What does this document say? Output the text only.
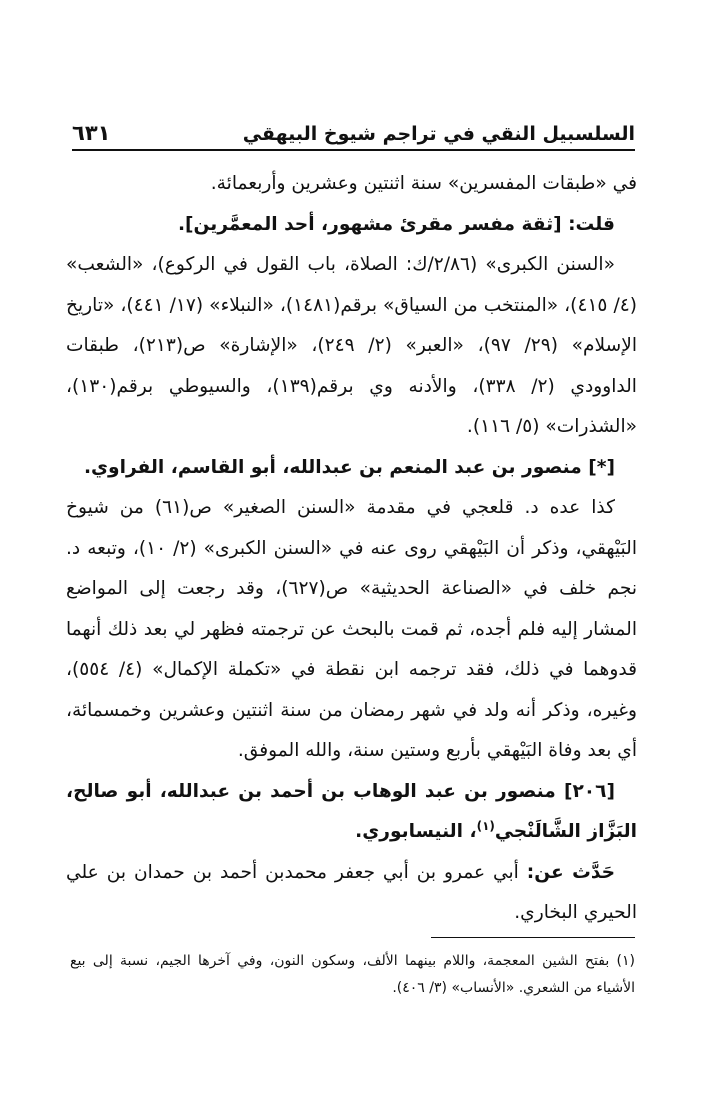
السلسبيل النقي في تراجم شيوخ البيهقي
٦٣١

في «طبقات المفسرين» سنة اثنتين وعشرين وأربعمائة.

قلت: [ثقة مفسر مقرئ مشهور، أحد المعمَّرين].

«السنن الكبرى» (٢/٨٦/ك: الصلاة، باب القول في الركوع)، «الشعب» (٤/ ٤١٥)، «المنتخب من السياق» برقم(١٤٨١)، «النبلاء» (١٧/ ٤٤١)، «تاريخ الإسلام» (٢٩/ ٩٧)، «العبر» (٢/ ٢٤٩)، «الإشارة» ص(٢١٣)، طبقات الداوودي (٢/ ٣٣٨)، والأدنه وي برقم(١٣٩)، والسيوطي برقم(١٣٠)، «الشذرات» (٥/ ١١٦).

[*] منصور بن عبد المنعم بن عبدالله، أبو القاسم، الفراوي.

كذا عده د. قلعجي في مقدمة «السنن الصغير» ص(٦١) من شيوخ البَيْهقي، وذكر أن البَيْهقي روى عنه في «السنن الكبرى» (٢/ ١٠)، وتبعه د. نجم خلف في «الصناعة الحديثية» ص(٦٢٧)، وقد رجعت إلى المواضع المشار إليه فلم أجده، ثم قمت بالبحث عن ترجمته فظهر لي بعد ذلك أنهما قدوهما في ذلك، فقد ترجمه ابن نقطة في «تكملة الإكمال» (٤/ ٥٥٤)، وغيره، وذكر أنه ولد في شهر رمضان من سنة اثنتين وعشرين وخمسمائة، أي بعد وفاة البَيْهقي بأربع وستين سنة، والله الموفق.

[٢٠٦] منصور بن عبد الوهاب بن أحمد بن عبدالله، أبو صالح، البَزَّاز الشَّالَنْجي$^{(١)}$، النيسابوري.

حَدَّث عن: أبي عمرو بن أبي جعفر محمدبن أحمد بن حمدان بن علي الحيري البخاري.

(١) بفتح الشين المعجمة، واللام بينهما الألف، وسكون النون، وفي آخرها الجيم، نسبة إلى بيع الأشياء من الشعري. «الأنساب» (٣/ ٤٠٦).
